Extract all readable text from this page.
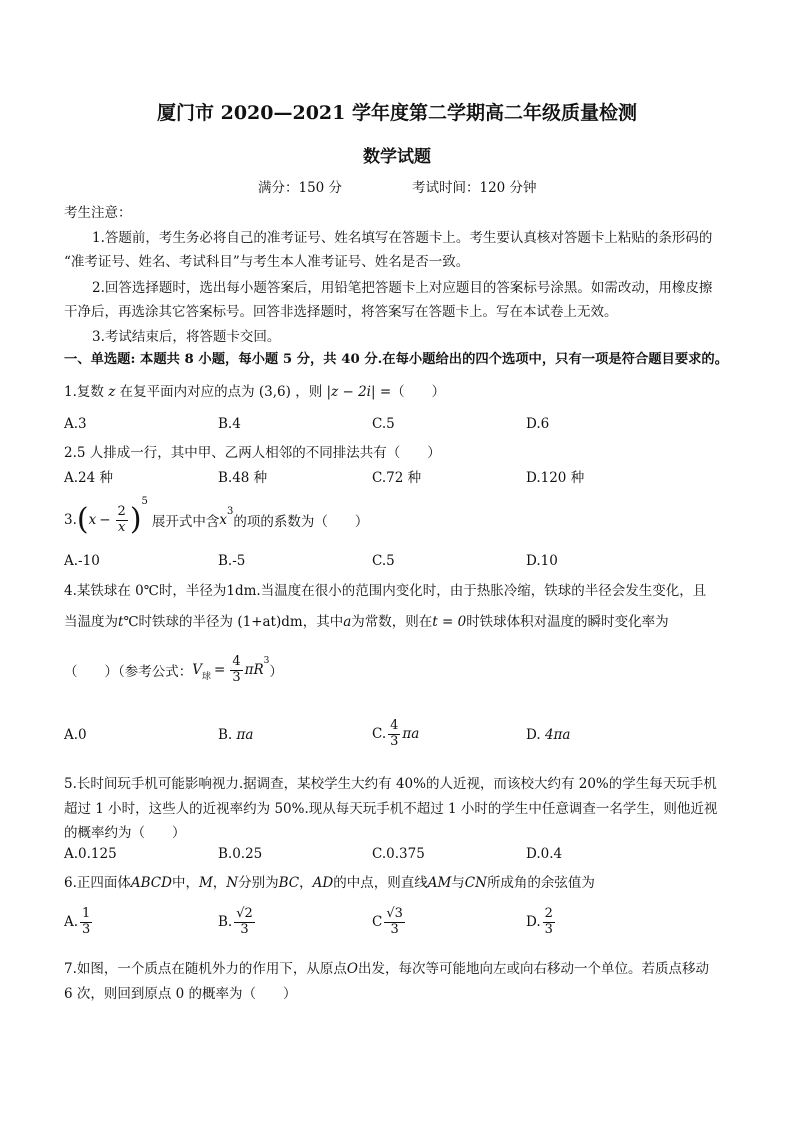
厦门市 2020—2021 学年度第二学期高二年级质量检测
数学试题
满分：150 分	考试时间：120 分钟
考生注意：
1.答题前，考生务必将自己的准考证号、姓名填写在答题卡上。考生要认真核对答题卡上粘贴的条形码的
“准考证号、姓名、考试科目”与考生本人准考证号、姓名是否一致。
2.回答选择题时，选出每小题答案后，用铅笔把答题卡上对应题目的答案标号涂黑。如需改动，用橡皮擦
干净后，再选涂其它答案标号。回答非选择题时，将答案写在答题卡上。写在本试卷上无效。
3.考试结束后，将答题卡交回。
一、单选题: 本题共 8 小题，每小题 5 分，共 40 分.在每小题给出的四个选项中，只有一项是符合题目要求的。
1.复数 z 在复平面内对应的点为 (3,6) ，则 |z − 2i| =（　　）
A.3	B.4	C.5	D.6
2.5 人排成一行，其中甲、乙两人相邻的不同排法共有（　　）
A.24 种	B.48 种	C.72 种	D.120 种
3. ( $x - \frac{2}{x}$ )
5
展开式中含 x
3
的项的系数为（　　）
A.-10	B.-5	C.5	D.10
4.某铁球在 0℃时，半径为1dm.当温度在很小的范围内变化时，由于热胀冷缩，铁球的半径会发生变化，且
当温度为t℃时铁球的半径为 (1+at)dm，其中a为常数，则在t = 0时铁球体积对温度的瞬时变化率为
（　　）（参考公式： V 球 = $\frac{4}{3}$ πR
3
）
A.0	B. πa	C. $\frac{4}{3}$ πa	D. 4πa
5.长时间玩手机可能影响视力.据调查，某校学生大约有 40%的人近视，而该校大约有 20%的学生每天玩手机
超过 1 小时，这些人的近视率约为 50%.现从每天玩手机不超过 1 小时的学生中任意调查一名学生，则他近视
的概率约为（　　）
A.0.125	B.0.25	C.0.375	D.0.4
6.正四面体ABCD中，M，N分别为BC，AD的中点，则直线AM与CN所成角的余弦值为
A. $\frac{1}{3}$	B. $\frac{√2}{3}$	C $\frac{√3}{3}$	D. $\frac{2}{3}$
7.如图，一个质点在随机外力的作用下，从原点O出发，每次等可能地向左或向右移动一个单位。若质点移动
6 次，则回到原点 0 的概率为（　　）
